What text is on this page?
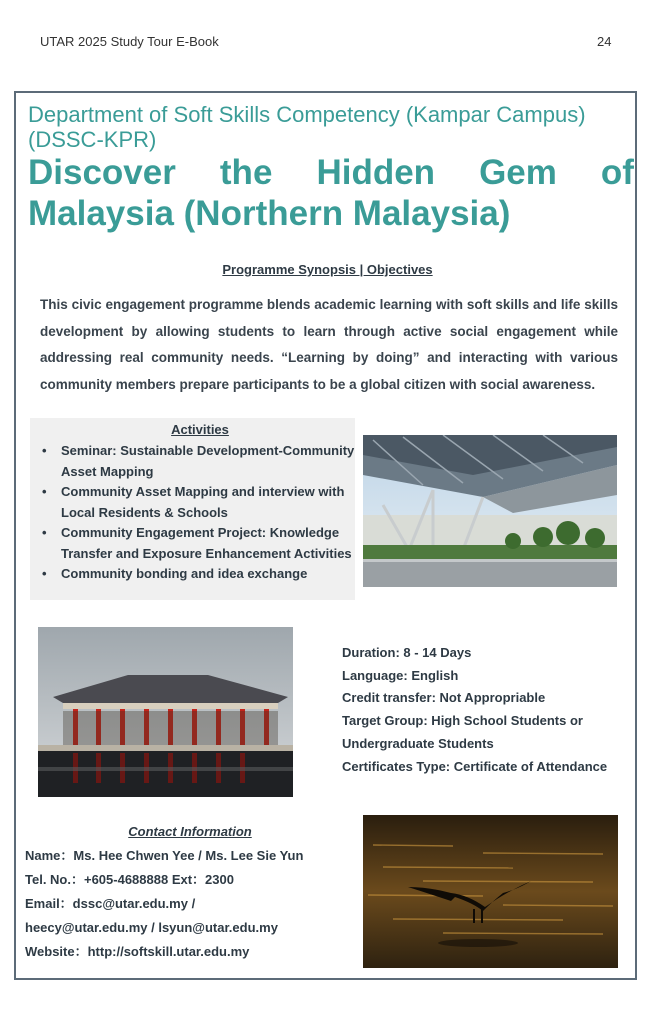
UTAR 2025 Study Tour E-Book	24
Department of Soft Skills Competency (Kampar Campus) (DSSC-KPR)
Discover the Hidden Gem of
Malaysia (Northern Malaysia)
Programme Synopsis | Objectives
This civic engagement programme blends academic learning with soft skills and life skills development by allowing students to learn through active social engagement while addressing real community needs. “Learning by doing” and interacting with various community members prepare participants to be a global citizen with social awareness.
Activities
• Seminar: Sustainable Development-Community Asset Mapping
• Community Asset Mapping and interview with Local Residents & Schools
• Community Engagement Project: Knowledge Transfer and Exposure Enhancement Activities
• Community bonding and idea exchange
Duration: 8 - 14 Days
Language: English
Credit transfer: Not Appropriable
Target Group: High School Students or Undergraduate Students
Certificates Type: Certificate of Attendance
Contact Information
Name：Ms. Hee Chwen Yee / Ms. Lee Sie Yun
Tel. No.：+605-4688888 Ext：2300
Email：dssc@utar.edu.my /
heecy@utar.edu.my / lsyun@utar.edu.my
Website：http://softskill.utar.edu.my
